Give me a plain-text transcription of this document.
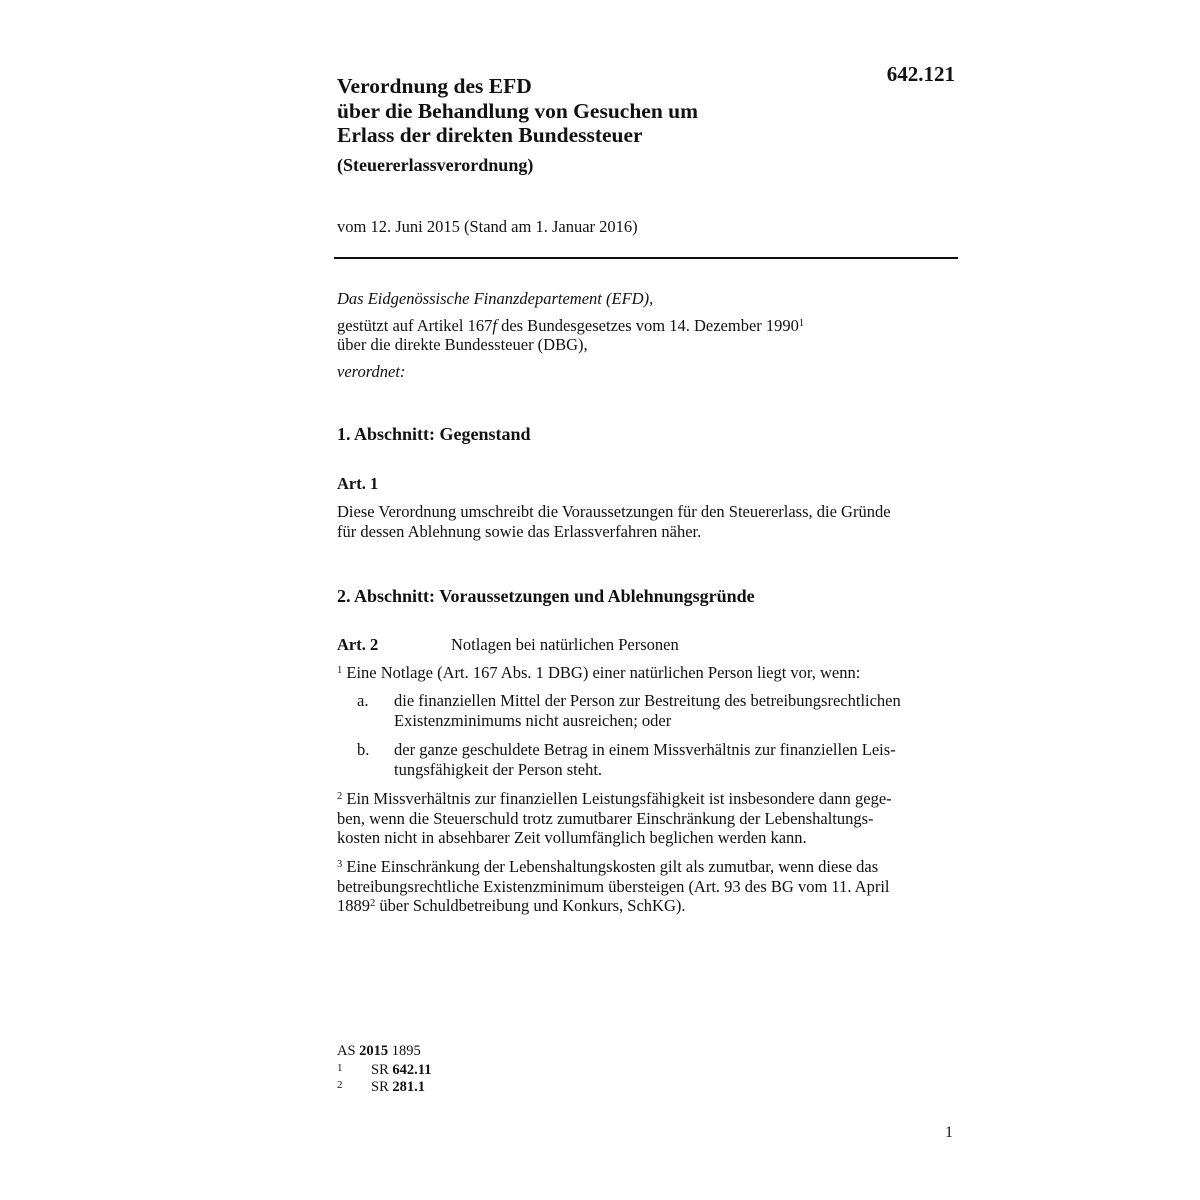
642.121
Verordnung des EFD
über die Behandlung von Gesuchen um
Erlass der direkten Bundessteuer
(Steuererlassverordnung)
vom 12. Juni 2015 (Stand am 1. Januar 2016)
Das Eidgenössische Finanzdepartement (EFD),
gestützt auf Artikel 167f des Bundesgesetzes vom 14. Dezember 1990$^1$
über die direkte Bundessteuer (DBG),
verordnet:
1. Abschnitt: Gegenstand
Art. 1
Diese Verordnung umschreibt die Voraussetzungen für den Steuererlass, die Gründe
für dessen Ablehnung sowie das Erlassverfahren näher.
2. Abschnitt: Voraussetzungen und Ablehnungsgründe
Art. 2	Notlagen bei natürlichen Personen
$^1$ Eine Notlage (Art. 167 Abs. 1 DBG) einer natürlichen Person liegt vor, wenn:
a. die finanziellen Mittel der Person zur Bestreitung des betreibungsrechtlichen
Existenzminimums nicht ausreichen; oder
b. der ganze geschuldete Betrag in einem Missverhältnis zur finanziellen Leis-
tungsfähigkeit der Person steht.
$^2$ Ein Missverhältnis zur finanziellen Leistungsfähigkeit ist insbesondere dann gege-
ben, wenn die Steuerschuld trotz zumutbarer Einschränkung der Lebenshaltungs-
kosten nicht in absehbarer Zeit vollumfänglich beglichen werden kann.
$^3$ Eine Einschränkung der Lebenshaltungskosten gilt als zumutbar, wenn diese das
betreibungsrechtliche Existenzminimum übersteigen (Art. 93 des BG vom 11. April
1889$^2$ über Schuldbetreibung und Konkurs, SchKG).
AS 2015 1895
1 SR 642.11
2 SR 281.1
1
